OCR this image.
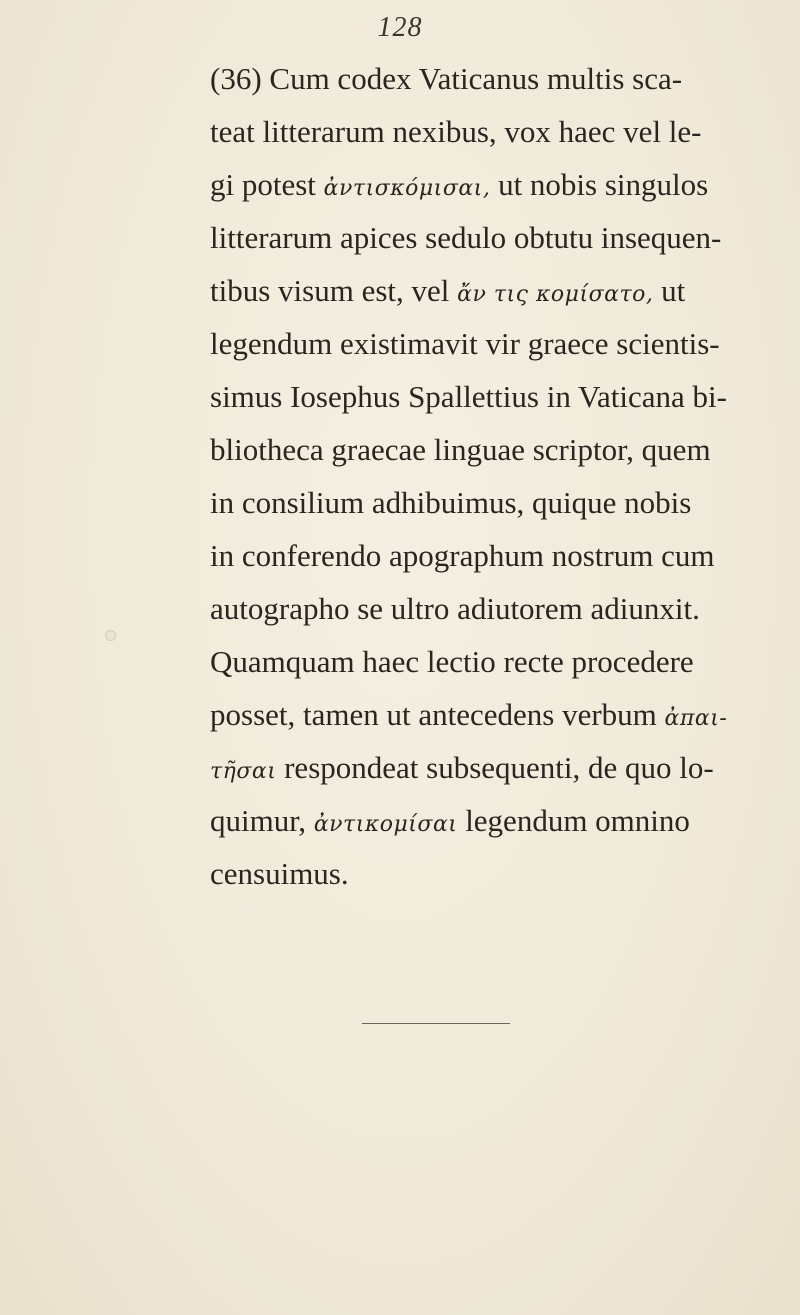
128
(36) Cum codex Vaticanus multis sca-
teat litterarum nexibus, vox haec vel le-
gi potest ἀντισκόμισαι, ut nobis singulos
litterarum apices sedulo obtutu insequen-
tibus visum est, vel ἄν τις κομίσατο, ut
legendum existimavit vir graece scientis-
simus Iosephus Spallettius in Vaticana bi-
bliotheca graecae linguae scriptor, quem
in consilium adhibuimus, quique nobis
in conferendo apographum nostrum cum
autographo se ultro adiutorem adiunxit.
Quamquam haec lectio recte procedere
posset, tamen ut antecedens verbum ἀπαι-
τῆσαι respondeat subsequenti, de quo lo-
quimur, ἀντικομίσαι legendum omnino
censuimus.
